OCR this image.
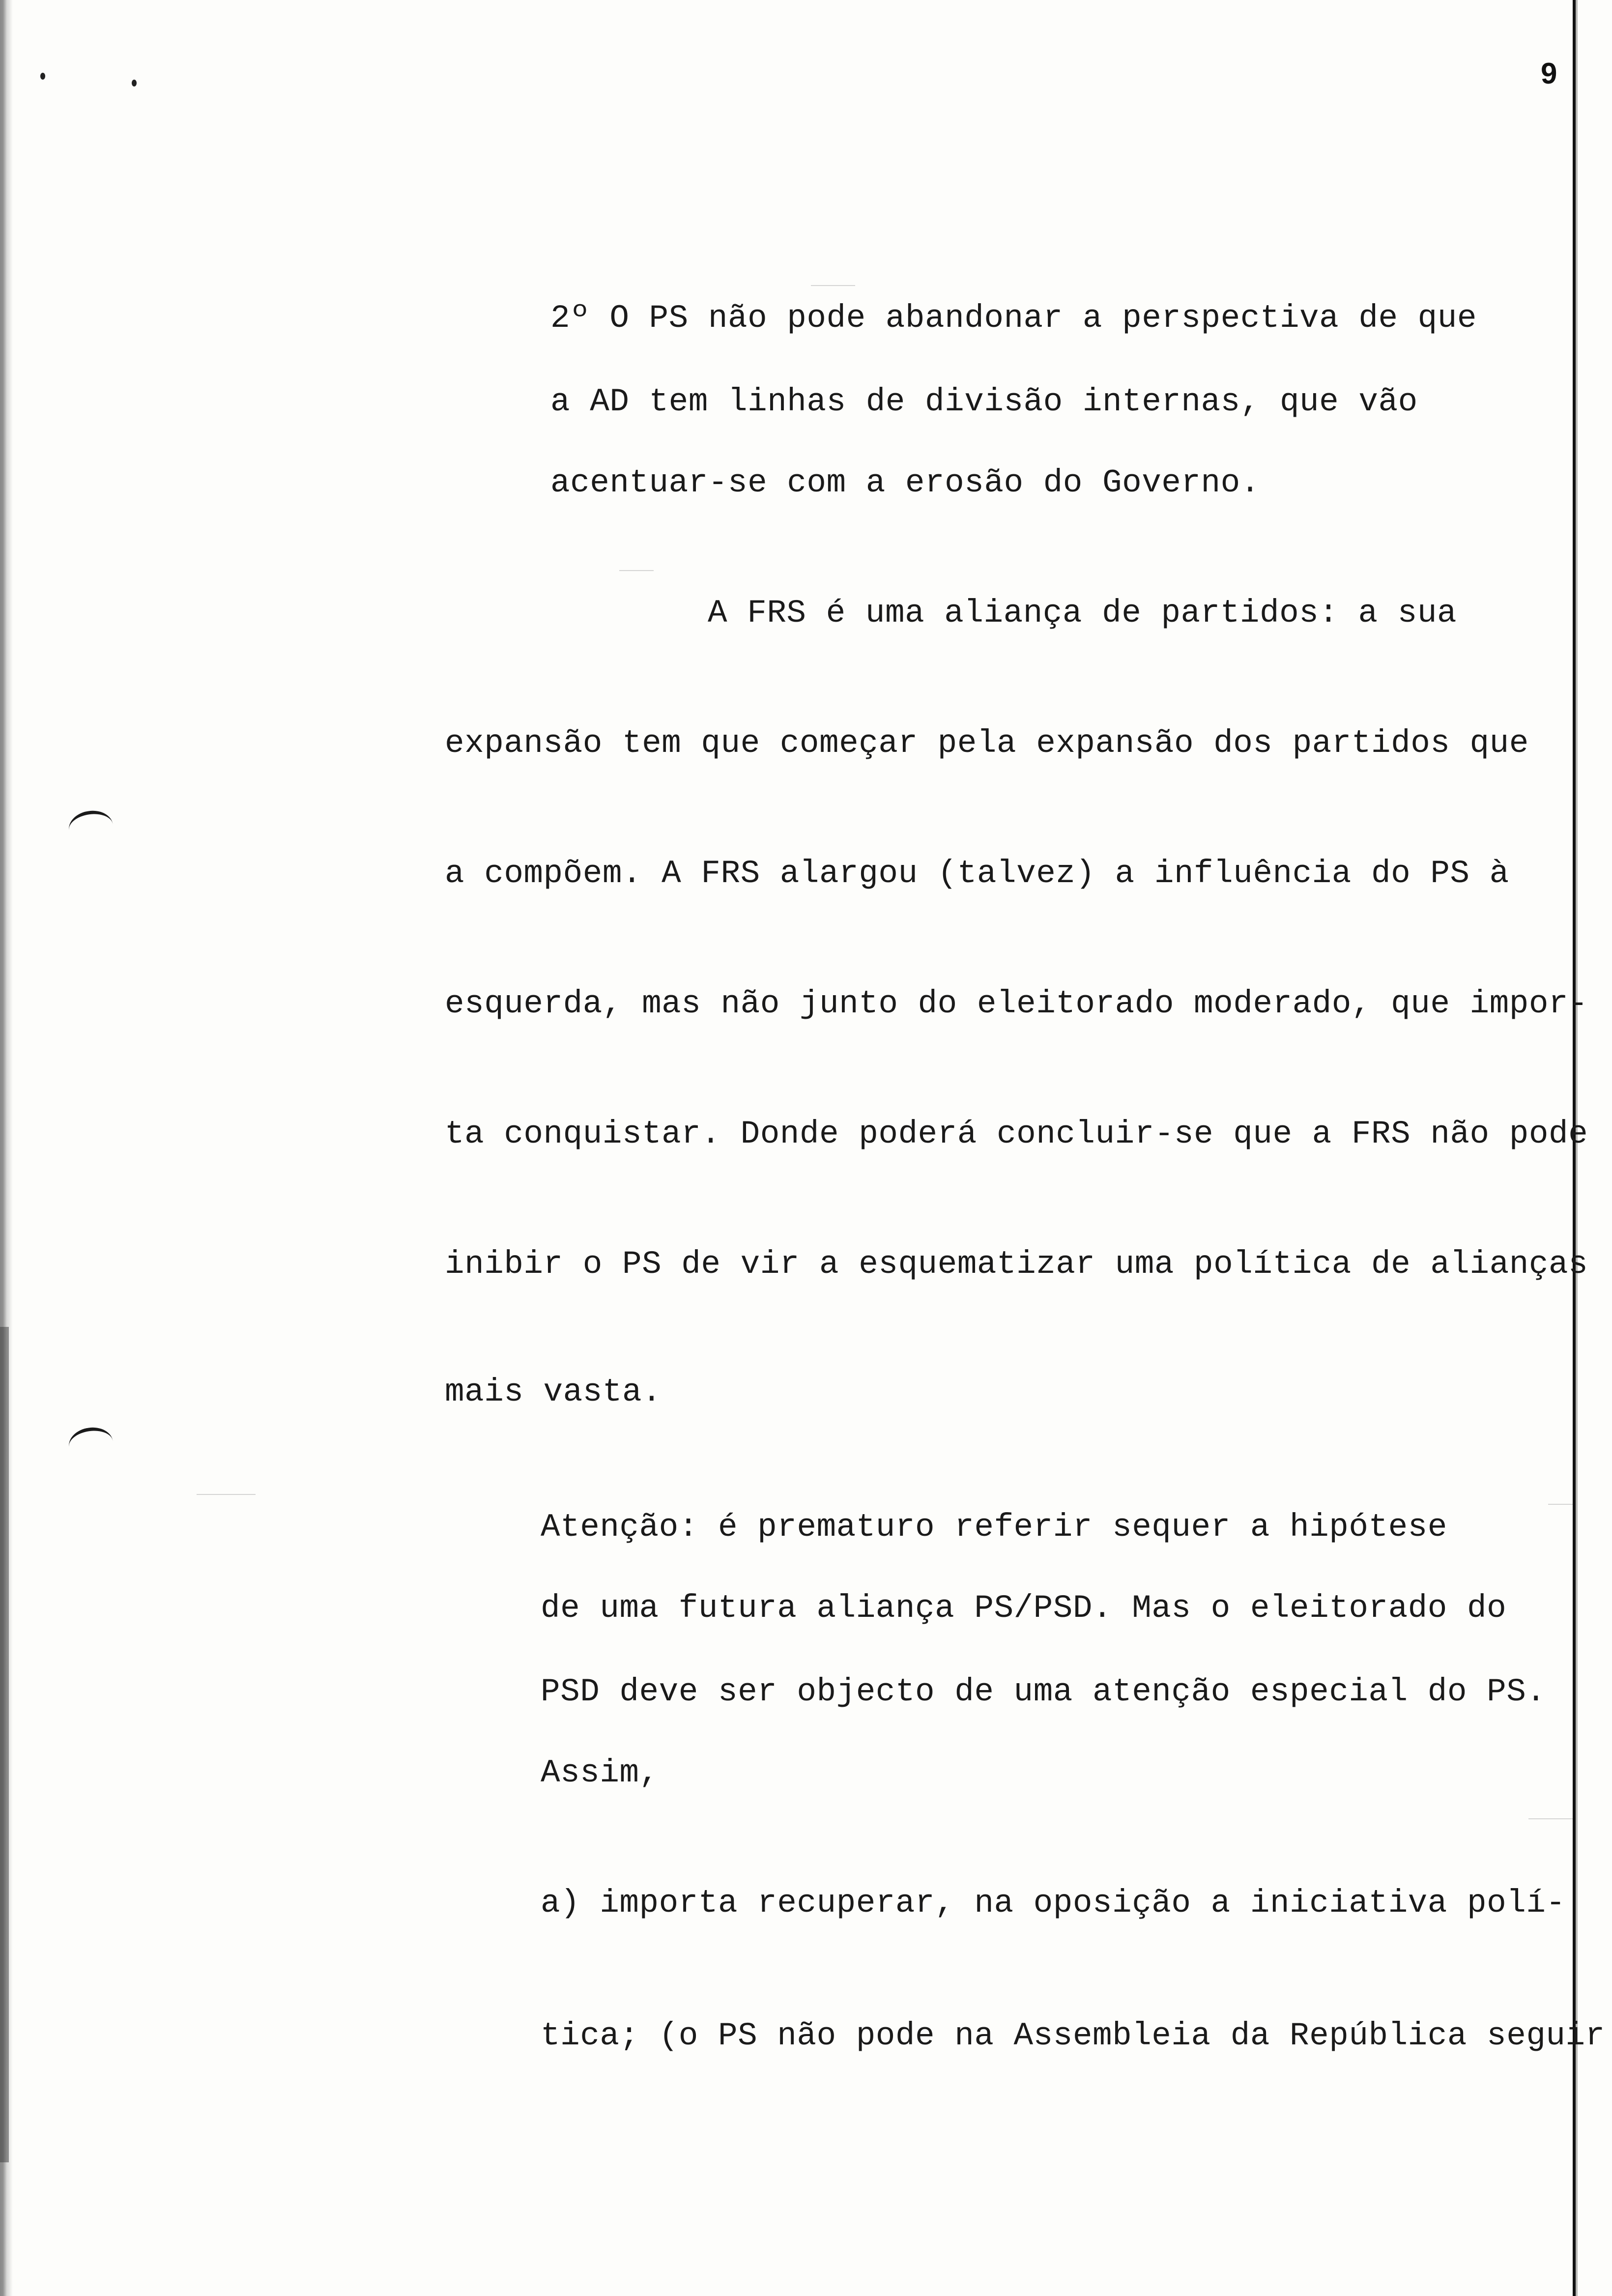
9
2º O PS não pode abandonar a perspectiva de que
a AD tem linhas de divisão internas, que vão
acentuar-se com a erosão do Governo.
A FRS é uma aliança de partidos: a sua
expansão tem que começar pela expansão dos partidos que
a compõem. A FRS alargou (talvez) a influência do PS à
esquerda, mas não junto do eleitorado moderado, que impor-
ta conquistar. Donde poderá concluir-se que a FRS não pode
inibir o PS de vir a esquematizar uma política de alianças
mais vasta.
Atenção: é prematuro referir sequer a hipótese
de uma futura aliança PS/PSD. Mas o eleitorado do
PSD deve ser objecto de uma atenção especial do PS.
Assim,
a) importa recuperar, na oposição a iniciativa polí-
tica; (o PS não pode na Assembleia da República seguir
